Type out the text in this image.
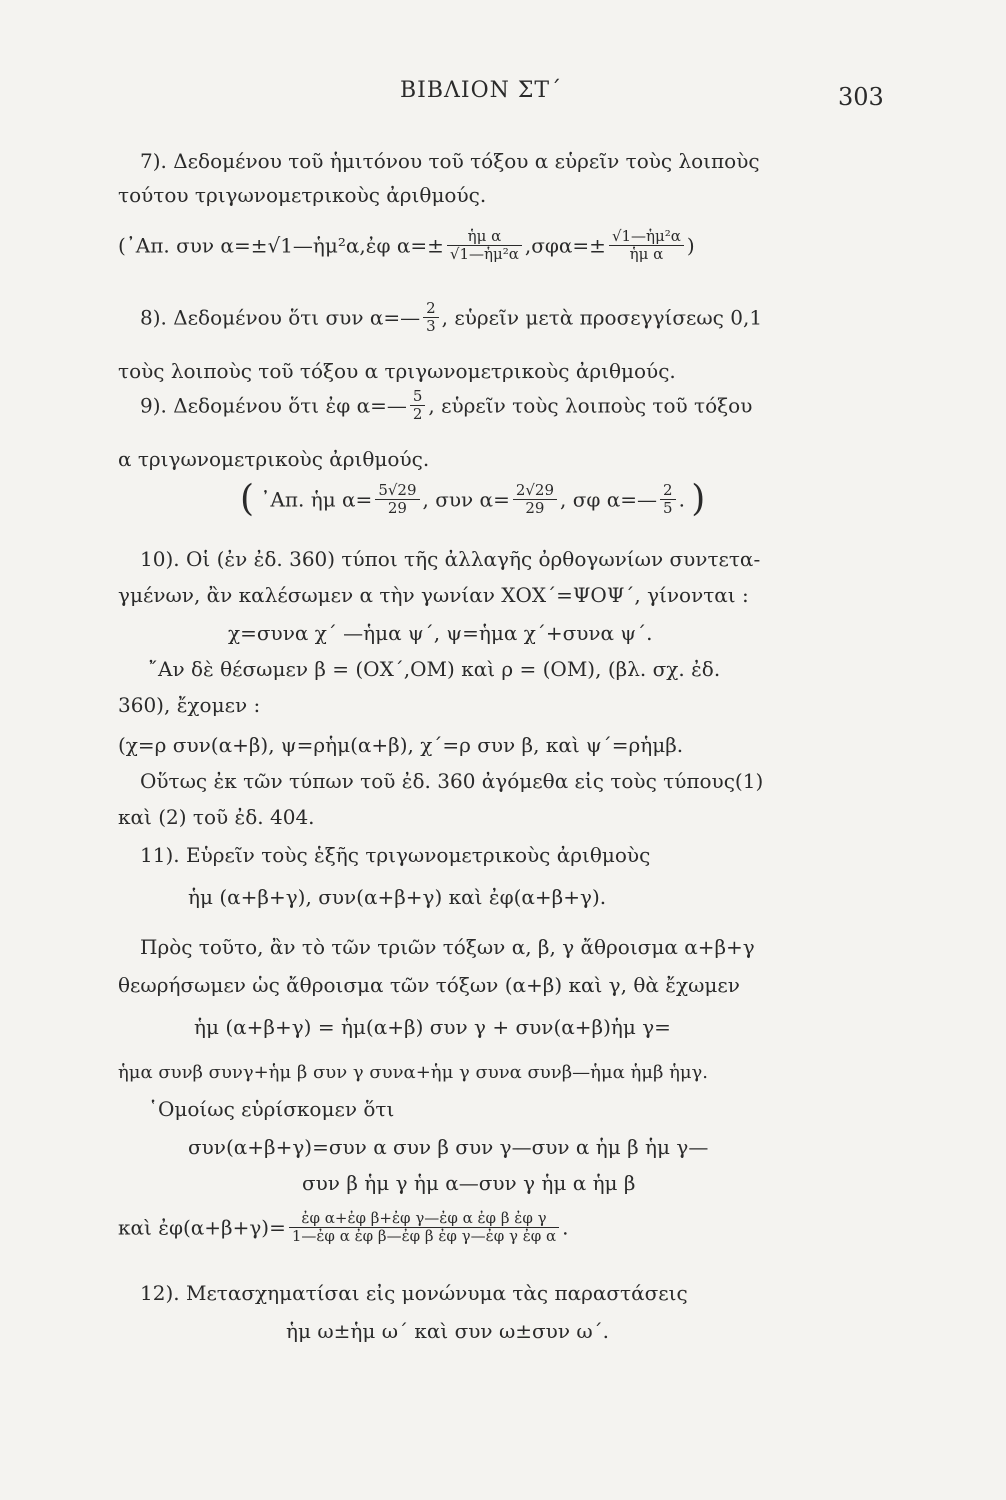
ΒΙΒΛΙΟΝ ΣΤ΄	303
7). Δεδομένου τοῦ ἡμιτόνου τοῦ τόξου α εὑρεῖν τοὺς λοιποὺς
τούτου τριγωνομετρικοὺς ἀριθμούς.
(᾿Απ. συν α=±√1—ἡμ²α,ἐφ $\alpha=\pm \frac{\text{ἡμ α}}{\text{√1—ἡμ²α}} ,\sigma\varphi\alpha=\pm \frac{\text{√1—ἡμ²α}}{\text{ἡμ α}}$ )
8). Δεδομένου ὅτι συν α=— $\frac{2}{3}$ , εὑρεῖν μετὰ προσεγγίσεως 0,1
τοὺς λοιποὺς τοῦ τόξου α τριγωνομετρικοὺς ἀριθμούς.
9). Δεδομένου ὅτι ἐφ α=— $\frac{5}{2}$ , εὑρεῖν τοὺς λοιποὺς τοῦ τόξου
α τριγωνομετρικοὺς ἀριθμούς.
( ᾿Απ. ἡμ $\alpha= \frac{5√29}{29}$ , συν $\alpha= \frac{2√29}{29}$ , σφ α=— $\frac{2}{5}$ . )
10). Οἱ (ἐν ἐδ. 360) τύποι τῆς ἀλλαγῆς ὀρθογωνίων συντετα-
γμένων, ἂν καλέσωμεν α τὴν γωνίαν ΧΟΧ΄=ΨΟΨ΄, γίνονται :
χ=συνα χ΄ —ἡμα ψ΄, ψ=ἡμα χ΄+συνα ψ΄.
῎Αν δὲ θέσωμεν β = (ΟΧ΄,ΟΜ) καὶ ρ = (ΟΜ), (βλ. σχ. ἐδ.
360), ἔχομεν :
(χ=ρ συν(α+β), ψ=ρἡμ(α+β), χ΄=ρ συν β, καὶ ψ΄=ρἡμβ.
Οὕτως ἐκ τῶν τύπων τοῦ ἐδ. 360 ἀγόμεθα εἰς τοὺς τύπους(1)
καὶ (2) τοῦ ἐδ. 404.
11). Εὑρεῖν τοὺς ἑξῆς τριγωνομετρικοὺς ἀριθμοὺς
ἡμ (α+β+γ), συν(α+β+γ) καὶ ἐφ(α+β+γ).
Πρὸς τοῦτο, ἂν τὸ τῶν τριῶν τόξων α, β, γ ἄθροισμα α+β+γ
θεωρήσωμεν ὡς ἄθροισμα τῶν τόξων (α+β) καὶ γ, θὰ ἔχωμεν
ἡμ (α+β+γ) = ἡμ(α+β) συν γ + συν(α+β)ἡμ γ=
ἡμα συνβ συνγ+ἡμ β συν γ συνα+ἡμ γ συνα συνβ—ἡμα ἡμβ ἡμγ.
῾Ομοίως εὑρίσκομεν ὅτι
συν(α+β+γ)=συν α συν β συν γ—συν α ἡμ β ἡμ γ—
συν β ἡμ γ ἡμ α—συν γ ἡμ α ἡμ β
καὶ ἐφ(α+β+γ)= $\frac{\text{ἐφ α+ἐφ β+ἐφ γ—ἐφ α ἐφ β ἐφ γ}}{\text{1—ἐφ α ἐφ β—ἐφ β ἐφ γ—ἐφ γ ἐφ α}}$ .
12). Μετασχηματίσαι εἰς μονώνυμα τὰς παραστάσεις
ἡμ ω±ἡμ ω΄ καὶ συν ω±συν ω΄.
